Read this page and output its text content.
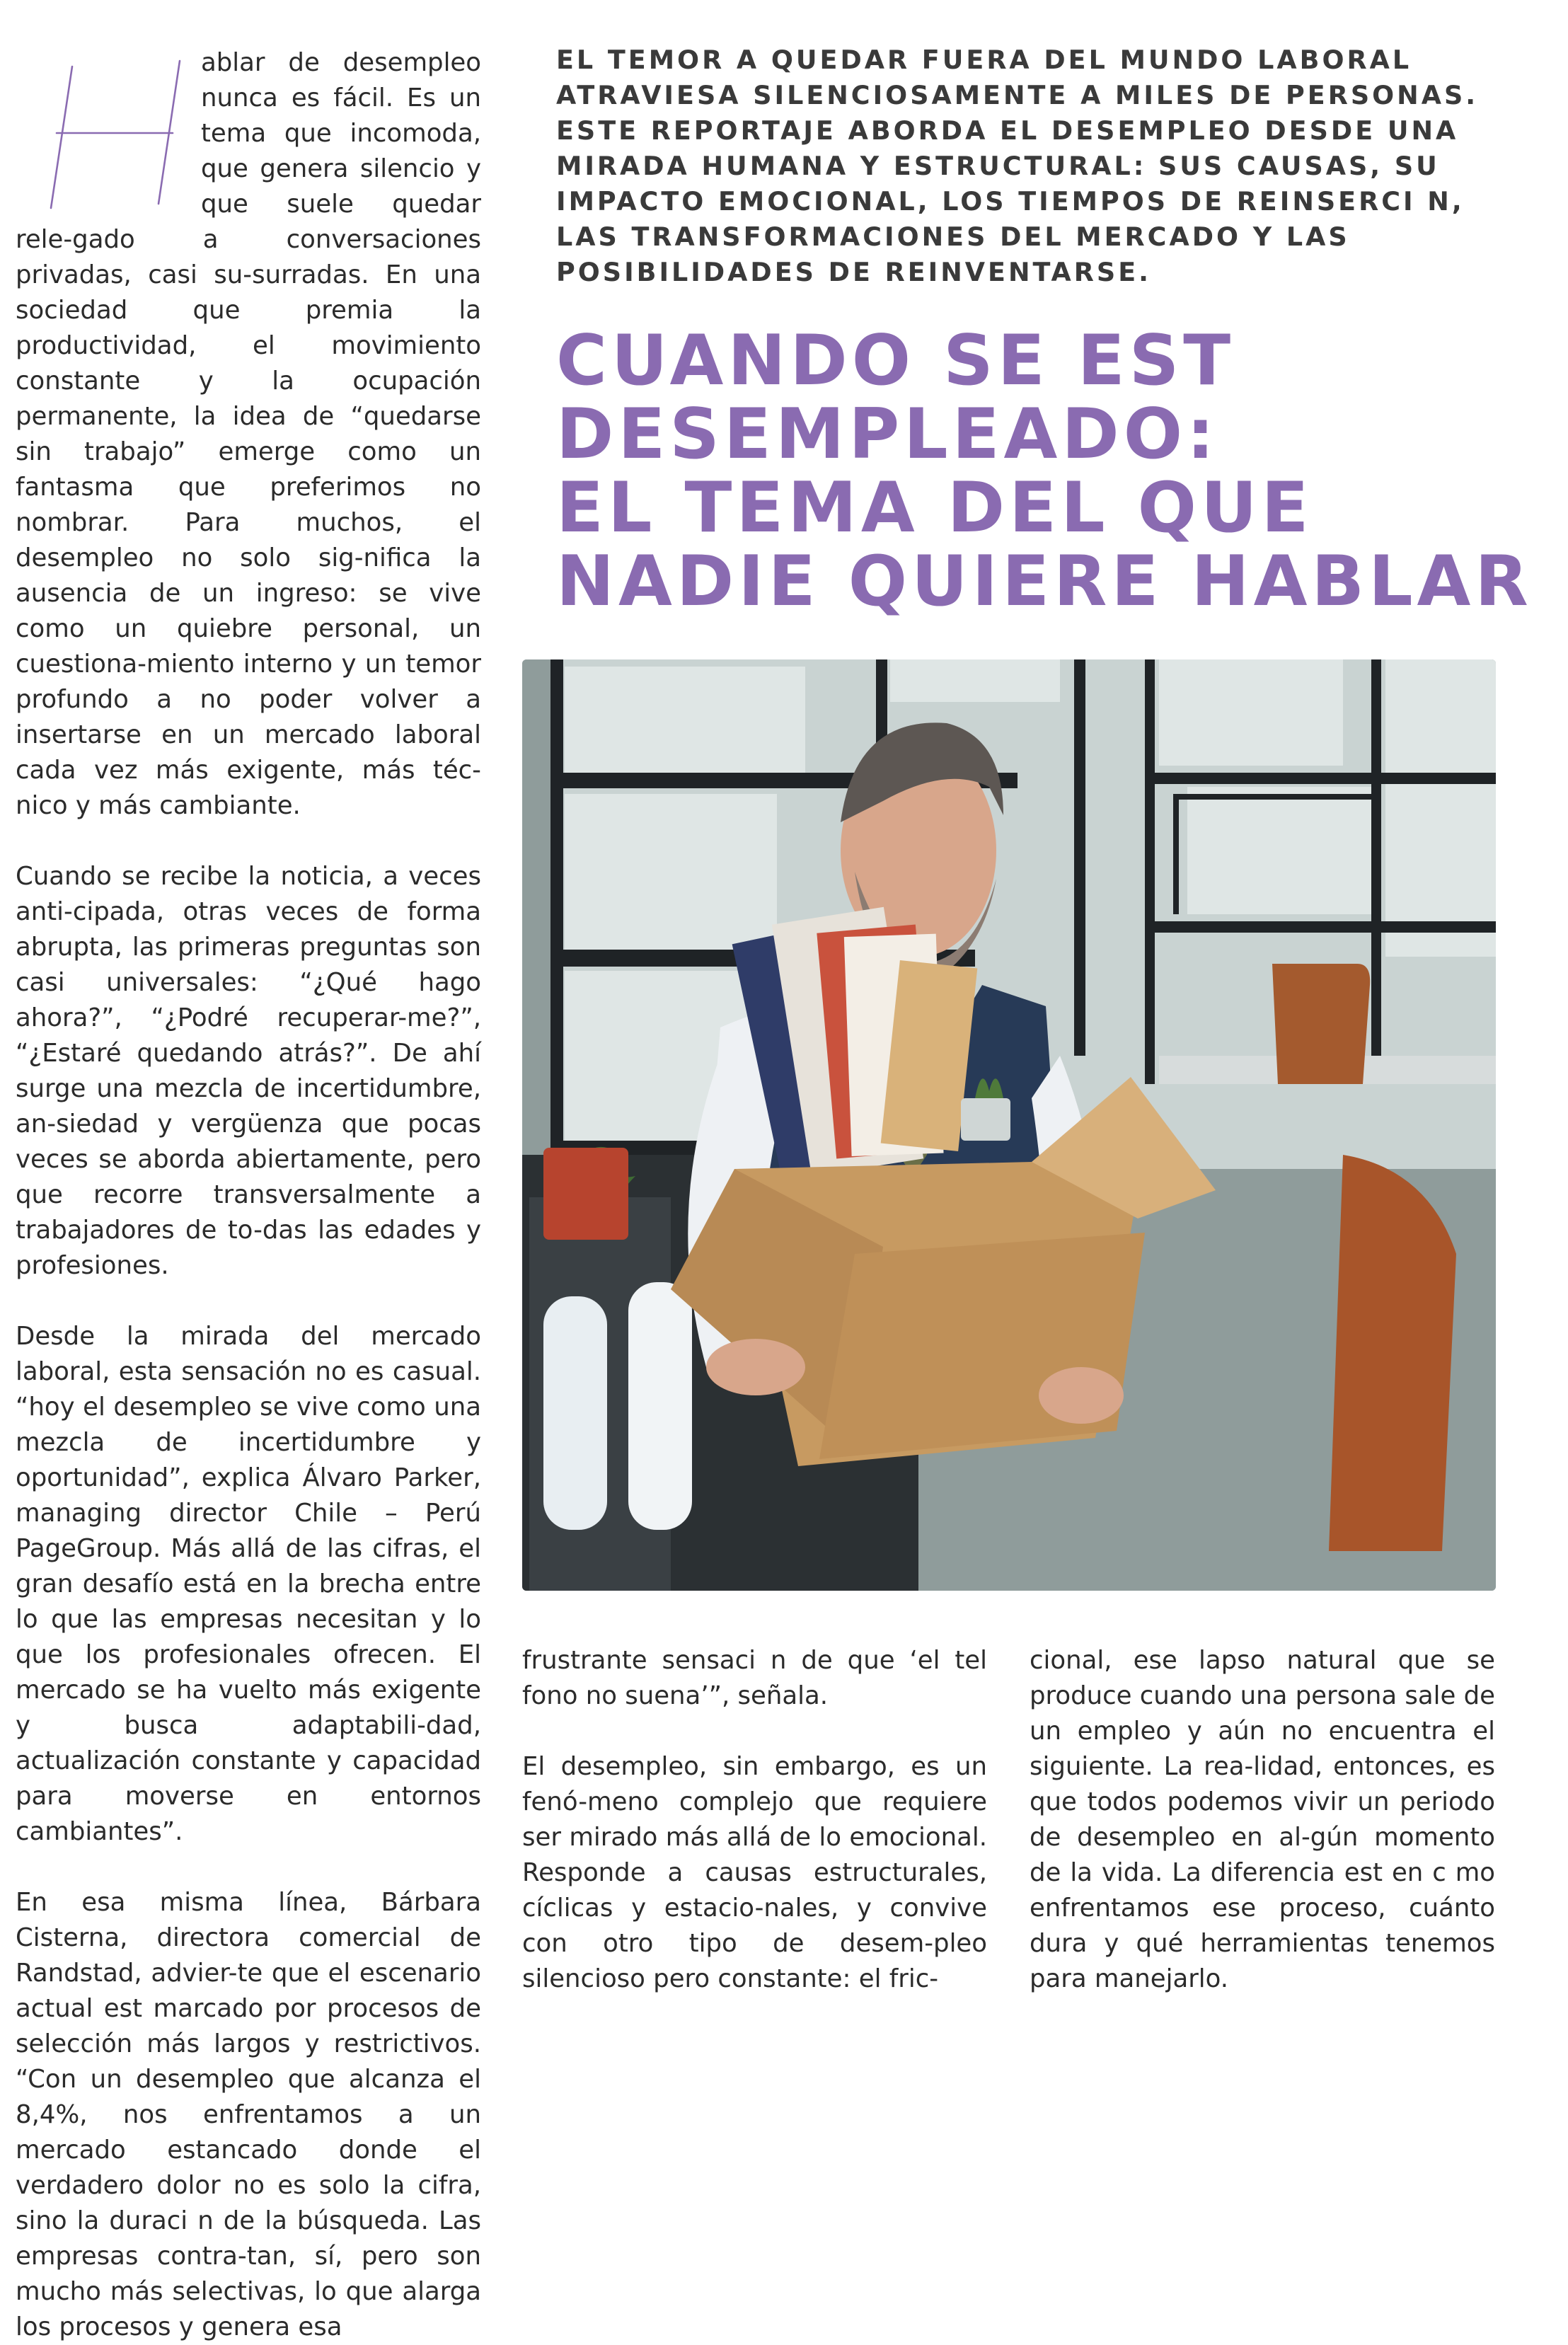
ablar de desempleo nunca es fácil. Es un tema que incomoda, que genera silencio y que suele quedar rele-gado a conversaciones privadas, casi su-surradas. En una sociedad que premia la productividad, el movimiento constante y la ocupación permanente, la idea de “quedarse sin trabajo” emerge como un fantasma que preferimos no nombrar. Para muchos, el desempleo no solo sig-nifica la ausencia de un ingreso: se vive como un quiebre personal, un cuestiona-miento interno y un temor profundo a no poder volver a insertarse en un mercado laboral cada vez más exigente, más téc-nico y más cambiante.

Cuando se recibe la noticia, a veces anti-cipada, otras veces de forma abrupta, las primeras preguntas son casi universales: “¿Qué hago ahora?”, “¿Podré recuperar-me?”, “¿Estaré quedando atrás?”. De ahí surge una mezcla de incertidumbre, an-siedad y vergüenza que pocas veces se aborda abiertamente, pero que recorre transversalmente a trabajadores de to-das las edades y profesiones.

Desde la mirada del mercado laboral, esta sensación no es casual. “hoy el desempleo se vive como una mezcla de incertidumbre y oportunidad”, explica Álvaro Parker, managing director Chile – Perú PageGroup. Más allá de las cifras, el gran desafío está en la brecha entre lo que las empresas necesitan y lo que los profesionales ofrecen. El mercado se ha vuelto más exigente y busca adaptabili-dad, actualización constante y capacidad para moverse en entornos cambiantes”.

En esa misma línea, Bárbara Cisterna, directora comercial de Randstad, advier-te que el escenario actual est marcado por procesos de selección más largos y restrictivos. “Con un desempleo que alcanza el 8,4%, nos enfrentamos a un mercado estancado donde el verdadero dolor no es solo la cifra, sino la duraci n de la búsqueda. Las empresas contra-tan, sí, pero son mucho más selectivas, lo que alarga los procesos y genera esa

EL TEMOR A QUEDAR FUERA DEL MUNDO LABORAL ATRAVIESA SILENCIOSAMENTE A MILES DE PERSONAS. ESTE REPORTAJE ABORDA EL DESEMPLEO DESDE UNA MIRADA HUMANA Y ESTRUCTURAL: SUS CAUSAS, SU IMPACTO EMOCIONAL, LOS TIEMPOS DE REINSERCI N, LAS TRANSFORMACIONES DEL MERCADO Y LAS POSIBILIDADES DE REINVENTARSE.
CUANDO SE EST
DESEMPLEADO:
EL TEMA DEL QUE
NADIE QUIERE HABLAR

frustrante sensaci n de que ‘el tel fono no suena’”, señala.

El desempleo, sin embargo, es un fenó-meno complejo que requiere ser mirado más allá de lo emocional. Responde a causas estructurales, cíclicas y estacio-nales, y convive con otro tipo de desem-pleo silencioso pero constante: el fric-

cional, ese lapso natural que se produce cuando una persona sale de un empleo y aún no encuentra el siguiente. La rea-lidad, entonces, es que todos podemos vivir un periodo de desempleo en al-gún momento de la vida. La diferencia est en c mo enfrentamos ese proceso, cuánto dura y qué herramientas tenemos para manejarlo.
